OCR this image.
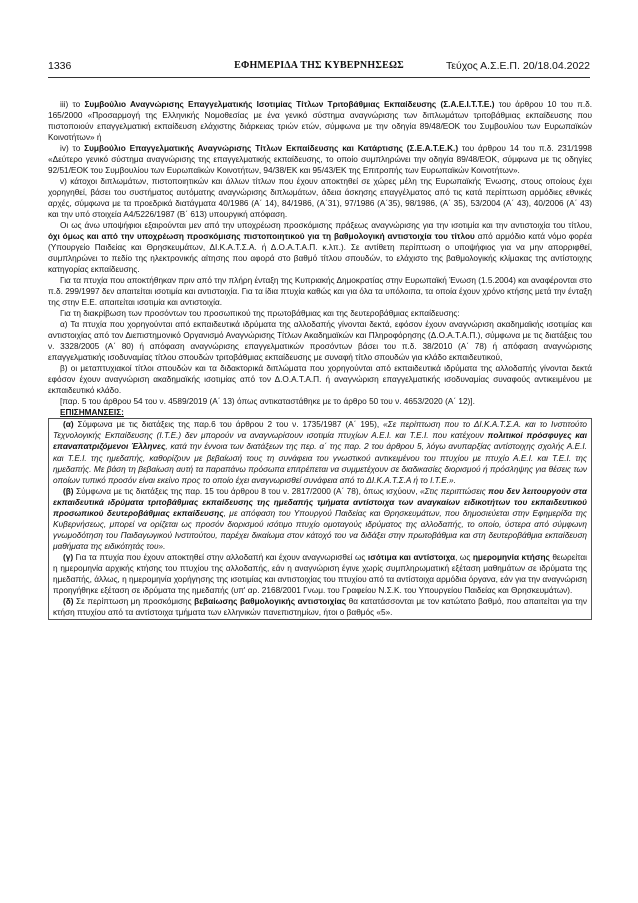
1336	ΕΦΗΜΕΡΙΔΑ ΤΗΣ ΚΥΒΕΡΝΗΣΕΩΣ	Τεύχος Α.Σ.Ε.Π. 20/18.04.2022

iii) το Συμβούλιο Αναγνώρισης Επαγγελματικής Ισοτιμίας Τίτλων Τριτοβάθμιας Εκπαίδευσης (Σ.Α.Ε.Ι.Τ.Τ.Ε.) του άρθρου 10 του π.δ. 165/2000 «Προσαρμογή της Ελληνικής Νομοθεσίας με ένα γενικό σύστημα αναγνώρισης των διπλωμάτων τριτοβάθμιας εκπαίδευσης που πιστοποιούν επαγγελματική εκπαίδευση ελάχιστης διάρκειας τριών ετών, σύμφωνα με την οδηγία 89/48/ΕΟΚ του Συμβουλίου των Ευρωπαϊκών Κοινοτήτων» ή

iv) το Συμβούλιο Επαγγελματικής Αναγνώρισης Τίτλων Εκπαίδευσης και Κατάρτισης (Σ.Ε.Α.Τ.Ε.Κ.) του άρθρου 14 του π.δ. 231/1998 «Δεύτερο γενικό σύστημα αναγνώρισης της επαγγελματικής εκπαίδευσης, το οποίο συμπληρώνει την οδηγία 89/48/ΕΟΚ, σύμφωνα με τις οδηγίες 92/51/ΕΟΚ του Συμβουλίου των Ευρωπαϊκών Κοινοτήτων, 94/38/ΕΚ και 95/43/ΕΚ της Επιτροπής των Ευρωπαϊκών Κοινοτήτων».

v) κάτοχοι διπλωμάτων, πιστοποιητικών και άλλων τίτλων που έχουν αποκτηθεί σε χώρες μέλη της Ευρωπαϊκής Ένωσης, στους οποίους έχει χορηγηθεί, βάσει του συστήματος αυτόματης αναγνώρισης διπλωμάτων, άδεια άσκησης επαγγέλματος από τις κατά περίπτωση αρμόδιες εθνικές αρχές, σύμφωνα με τα προεδρικά διατάγματα 40/1986 (Α΄ 14), 84/1986, (Α΄31), 97/1986 (Α΄35), 98/1986, (Α΄ 35), 53/2004 (Α΄ 43), 40/2006 (Α΄ 43) και την υπό στοιχεία Α4/5226/1987 (Β΄ 613) υπουργική απόφαση.

Οι ως άνω υποψήφιοι εξαιρούνται μεν από την υποχρέωση προσκόμισης πράξεως αναγνώρισης για την ισοτιμία και την αντιστοιχία του τίτλου, όχι όμως και από την υποχρέωση προσκόμισης πιστοποιητικού για τη βαθμολογική αντιστοιχία του τίτλου από αρμόδιο κατά νόμο φορέα (Υπουργείο Παιδείας και Θρησκευμάτων, ΔΙ.Κ.Α.Τ.Σ.Α. ή Δ.Ο.Α.Τ.Α.Π. κ.λπ.). Σε αντίθετη περίπτωση ο υποψήφιος για να μην απορριφθεί, συμπληρώνει το πεδίο της ηλεκτρονικής αίτησης που αφορά στο βαθμό τίτλου σπουδών, το ελάχιστο της βαθμολογικής κλίμακας της αντίστοιχης κατηγορίας εκπαίδευσης.

Για τα πτυχία που αποκτήθηκαν πριν από την πλήρη ένταξη της Κυπριακής Δημοκρατίας στην Ευρωπαϊκή Ένωση (1.5.2004) και αναφέρονται στο π.δ. 299/1997 δεν απαιτείται ισοτιμία και αντιστοιχία. Για τα ίδια πτυχία καθώς και για όλα τα υπόλοιπα, τα οποία έχουν χρόνο κτήσης μετά την ένταξη της στην Ε.Ε. απαιτείται ισοτιμία και αντιστοιχία.

Για τη διακρίβωση των προσόντων του προσωπικού της πρωτοβάθμιας και της δευτεροβάθμιας εκπαίδευσης:

α) Τα πτυχία που χορηγούνται από εκπαιδευτικά ιδρύματα της αλλοδαπής γίνονται δεκτά, εφόσον έχουν αναγνώριση ακαδημαϊκής ισοτιμίας και αντιστοιχίας από τον Διεπιστημονικό Οργανισμό Αναγνώρισης Τίτλων Ακαδημαϊκών και Πληροφόρησης (Δ.Ο.Α.Τ.Α.Π.), σύμφωνα με τις διατάξεις του ν. 3328/2005 (Α΄ 80) ή απόφαση αναγνώρισης επαγγελματικών προσόντων βάσει του π.δ. 38/2010 (Α΄ 78) ή απόφαση αναγνώρισης επαγγελματικής ισοδυναμίας τίτλου σπουδών τριτοβάθμιας εκπαίδευσης με συναφή τίτλο σπουδών για κλάδο εκπαιδευτικού,

β) οι μεταπτυχιακοί τίτλοι σπουδών και τα διδακτορικά διπλώματα που χορηγούνται από εκπαιδευτικά ιδρύματα της αλλοδαπής γίνονται δεκτά εφόσον έχουν αναγνώριση ακαδημαϊκής ισοτιμίας από τον Δ.Ο.Α.Τ.Α.Π. ή αναγνώριση επαγγελματικής ισοδυναμίας συναφούς αντικειμένου με εκπαιδευτικό κλάδο.

[παρ. 5 του άρθρου 54 του ν. 4589/2019 (Α΄ 13) όπως αντικαταστάθηκε με το άρθρο 50 του ν. 4653/2020 (Α΄ 12)].

ΕΠΙΣΗΜΑΝΣΕΙΣ:

(α) Σύμφωνα με τις διατάξεις της παρ.6 του άρθρου 2 του ν. 1735/1987 (Α΄ 195), «Σε περίπτωση που το ΔΙ.Κ.Α.Τ.Σ.Α. και το Ινστιτούτο Τεχνολογικής Εκπαίδευσης (Ι.Τ.Ε.) δεν μπορούν να αναγνωρίσουν ισοτιμία πτυχίων Α.Ε.Ι. και Τ.Ε.Ι. που κατέχουν πολιτικοί πρόσφυγες και επαναπατριζόμενοι Έλληνες, κατά την έννοια των διατάξεων της περ. α΄ της παρ. 2 του άρθρου 5, λόγω ανυπαρξίας αντίστοιχης σχολής Α.Ε.Ι. και Τ.Ε.Ι. της ημεδαπής, καθορίζουν με βεβαίωσή τους τη συνάφεια του γνωστικού αντικειμένου του πτυχίου με πτυχίο Α.Ε.Ι. και Τ.Ε.Ι. της ημεδαπής. Με βάση τη βεβαίωση αυτή τα παραπάνω πρόσωπα επιτρέπεται να συμμετέχουν σε διαδικασίες διορισμού ή πρόσληψης για θέσεις των οποίων τυπικό προσόν είναι εκείνο προς το οποίο έχει αναγνωρισθεί συνάφεια από το ΔΙ.Κ.Α.Τ.Σ.Α ή το Ι.Τ.Ε.».

(β) Σύμφωνα με τις διατάξεις της παρ. 15 του άρθρου 8 του ν. 2817/2000 (Α΄ 78), όπως ισχύουν, «Στις περιπτώσεις που δεν λειτουργούν στα εκπαιδευτικά ιδρύματα τριτοβάθμιας εκπαίδευσης της ημεδαπής τμήματα αντίστοιχα των αναγκαίων ειδικοτήτων του εκπαιδευτικού προσωπικού δευτεροβάθμιας εκπαίδευσης, με απόφαση του Υπουργού Παιδείας και Θρησκευμάτων, που δημοσιεύεται στην Εφημερίδα της Κυβερνήσεως, μπορεί να ορίζεται ως προσόν διορισμού ισότιμο πτυχίο ομοταγούς ιδρύματος της αλλοδαπής, το οποίο, ύστερα από σύμφωνη γνωμοδότηση του Παιδαγωγικού Ινστιτούτου, παρέχει δικαίωμα στον κάτοχό του να διδάξει στην πρωτοβάθμια και στη δευτεροβάθμια εκπαίδευση μαθήματα της ειδικότητάς του».

(γ) Για τα πτυχία που έχουν αποκτηθεί στην αλλοδαπή και έχουν αναγνωρισθεί ως ισότιμα και αντίστοιχα, ως ημερομηνία κτήσης θεωρείται η ημερομηνία αρχικής κτήσης του πτυχίου της αλλοδαπής, εάν η αναγνώριση έγινε χωρίς συμπληρωματική εξέταση μαθημάτων σε ιδρύματα της ημεδαπής, άλλως, η ημερομηνία χορήγησης της ισοτιμίας και αντιστοιχίας του πτυχίου από τα αντίστοιχα αρμόδια όργανα, εάν για την αναγνώριση προηγήθηκε εξέταση σε ιδρύματα της ημεδαπής (υπ' αρ. 2168/2001 Γνωμ. του Γραφείου Ν.Σ.Κ. του Υπουργείου Παιδείας και Θρησκευμάτων).

(δ) Σε περίπτωση μη προσκόμισης βεβαίωσης βαθμολογικής αντιστοιχίας θα κατατάσσονται με τον κατώτατο βαθμό, που απαιτείται για την κτήση πτυχίου από τα αντίστοιχα τμήματα των ελληνικών πανεπιστημίων, ήτοι ο βαθμός «5».
